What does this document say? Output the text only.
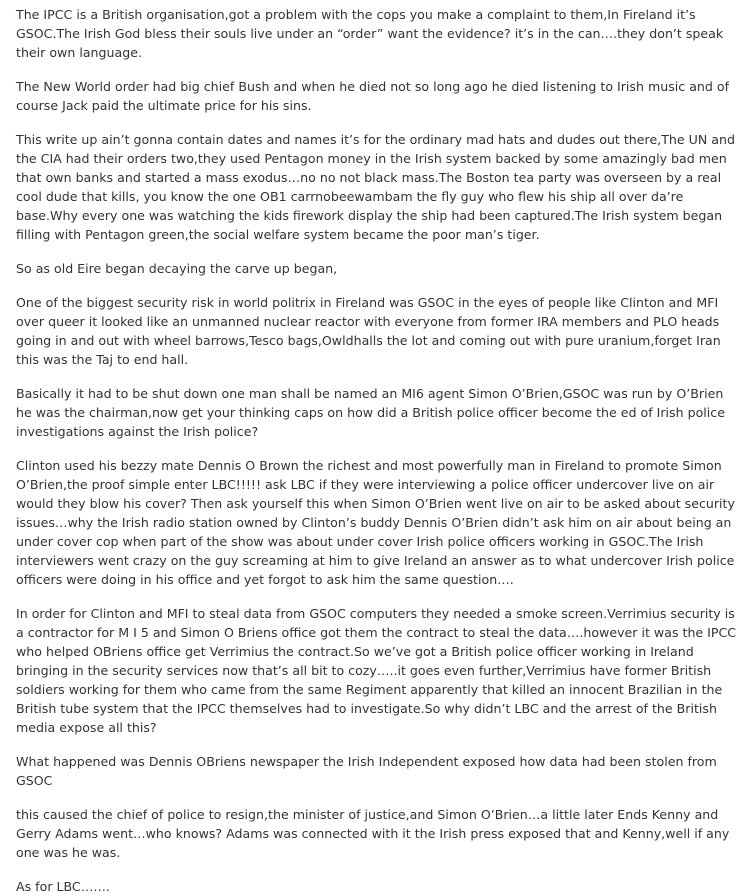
The IPCC is a British organisation,got a problem with the cops you make a complaint to them,In Fireland it’s GSOC.The Irish God bless their souls live under an “order” want the evidence? it’s in the can….they don’t speak their own language.

The New World order had big chief Bush and when he died not so long ago he died listening to Irish music and of course Jack paid the ultimate price for his sins.

This write up ain’t gonna contain dates and names it’s for the ordinary mad hats and dudes out there,The UN and the CIA had their orders two,they used Pentagon money in the Irish system backed by some amazingly bad men that own banks and started a mass exodus…no no not black mass.The Boston tea party was overseen by a real cool dude that kills, you know the one OB1 carrnobeewambam the fly guy who flew his ship all over da’re base.Why every one was watching the kids firework display the ship had been captured.The Irish system began filling with Pentagon green,the social welfare system became the poor man’s tiger.

So as old Eire began decaying the carve up began,

One of the biggest security risk in world politrix in Fireland was GSOC in the eyes of people like Clinton and MFI over queer it looked like an unmanned nuclear reactor with everyone from former IRA members and PLO heads going in and out with wheel barrows,Tesco bags,Owldhalls the lot and coming out with pure uranium,forget Iran this was the Taj to end hall.

Basically it had to be shut down one man shall be named an MI6 agent Simon O’Brien,GSOC was run by O’Brien he was the chairman,now get your thinking caps on how did a British police officer become the ed of Irish police investigations against the Irish police?

Clinton used his bezzy mate Dennis O Brown the richest and most powerfully man in Fireland to promote Simon O’Brien,the proof simple enter LBC!!!!! ask LBC if they were interviewing a police officer undercover live on air would they blow his cover? Then ask yourself this when Simon O’Brien went live on air to be asked about security issues…why the Irish radio station owned by Clinton’s buddy Dennis O’Brien didn’t ask him on air about being an under cover cop when part of the show was about under cover Irish police officers working in GSOC.The Irish interviewers went crazy on the guy screaming at him to give Ireland an answer as to what undercover Irish police officers were doing in his office and yet forgot to ask him the same question….

In order for Clinton and MFI to steal data from GSOC computers they needed a smoke screen.Verrimius security is a contractor for M I 5 and Simon O Briens office got them the contract to steal the data….however it was the IPCC who helped OBriens office get Verrimius the contract.So we’ve got a British police officer working in Ireland bringing in the security services now that’s all bit to cozy…..it goes even further,Verrimius have former British soldiers working for them who came from the same Regiment apparently that killed an innocent Brazilian in the British tube system that the IPCC themselves had to investigate.So why didn’t LBC and the arrest of the British media expose all this?

What happened was Dennis OBriens newspaper the Irish Independent exposed how data had been stolen from GSOC

this caused the chief of police to resign,the minister of justice,and Simon O’Brien…a little later Ends Kenny and Gerry Adams went…who knows? Adams was connected with it the Irish press exposed that and Kenny,well if any one was he was.

As for LBC…….
